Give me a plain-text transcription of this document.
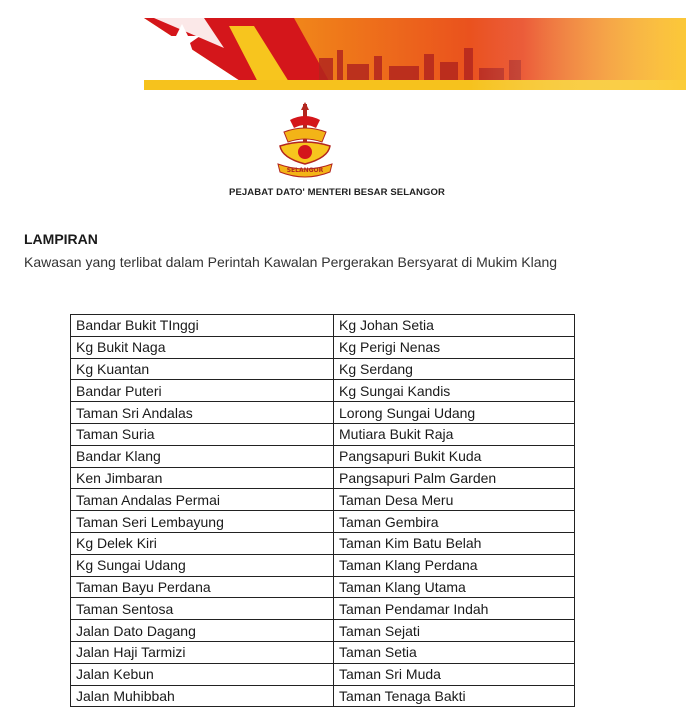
SELANGOR
PEJABAT DATO' MENTERI BESAR SELANGOR
LAMPIRAN
Kawasan yang terlibat dalam Perintah Kawalan Pergerakan Bersyarat di Mukim Klang
Bandar Bukit TInggi	Kg Johan Setia
Kg Bukit Naga	Kg Perigi Nenas
Kg Kuantan	Kg Serdang
Bandar Puteri	Kg Sungai Kandis
Taman Sri Andalas	Lorong Sungai Udang
Taman Suria	Mutiara Bukit Raja
Bandar Klang	Pangsapuri Bukit Kuda
Ken Jimbaran	Pangsapuri Palm Garden
Taman Andalas Permai	Taman Desa Meru
Taman Seri Lembayung	Taman Gembira
Kg Delek Kiri	Taman Kim Batu Belah
Kg Sungai Udang	Taman Klang Perdana
Taman Bayu Perdana	Taman Klang Utama
Taman Sentosa	Taman Pendamar Indah
Jalan Dato Dagang	Taman Sejati
Jalan Haji Tarmizi	Taman Setia
Jalan Kebun	Taman Sri Muda
Jalan Muhibbah	Taman Tenaga Bakti
